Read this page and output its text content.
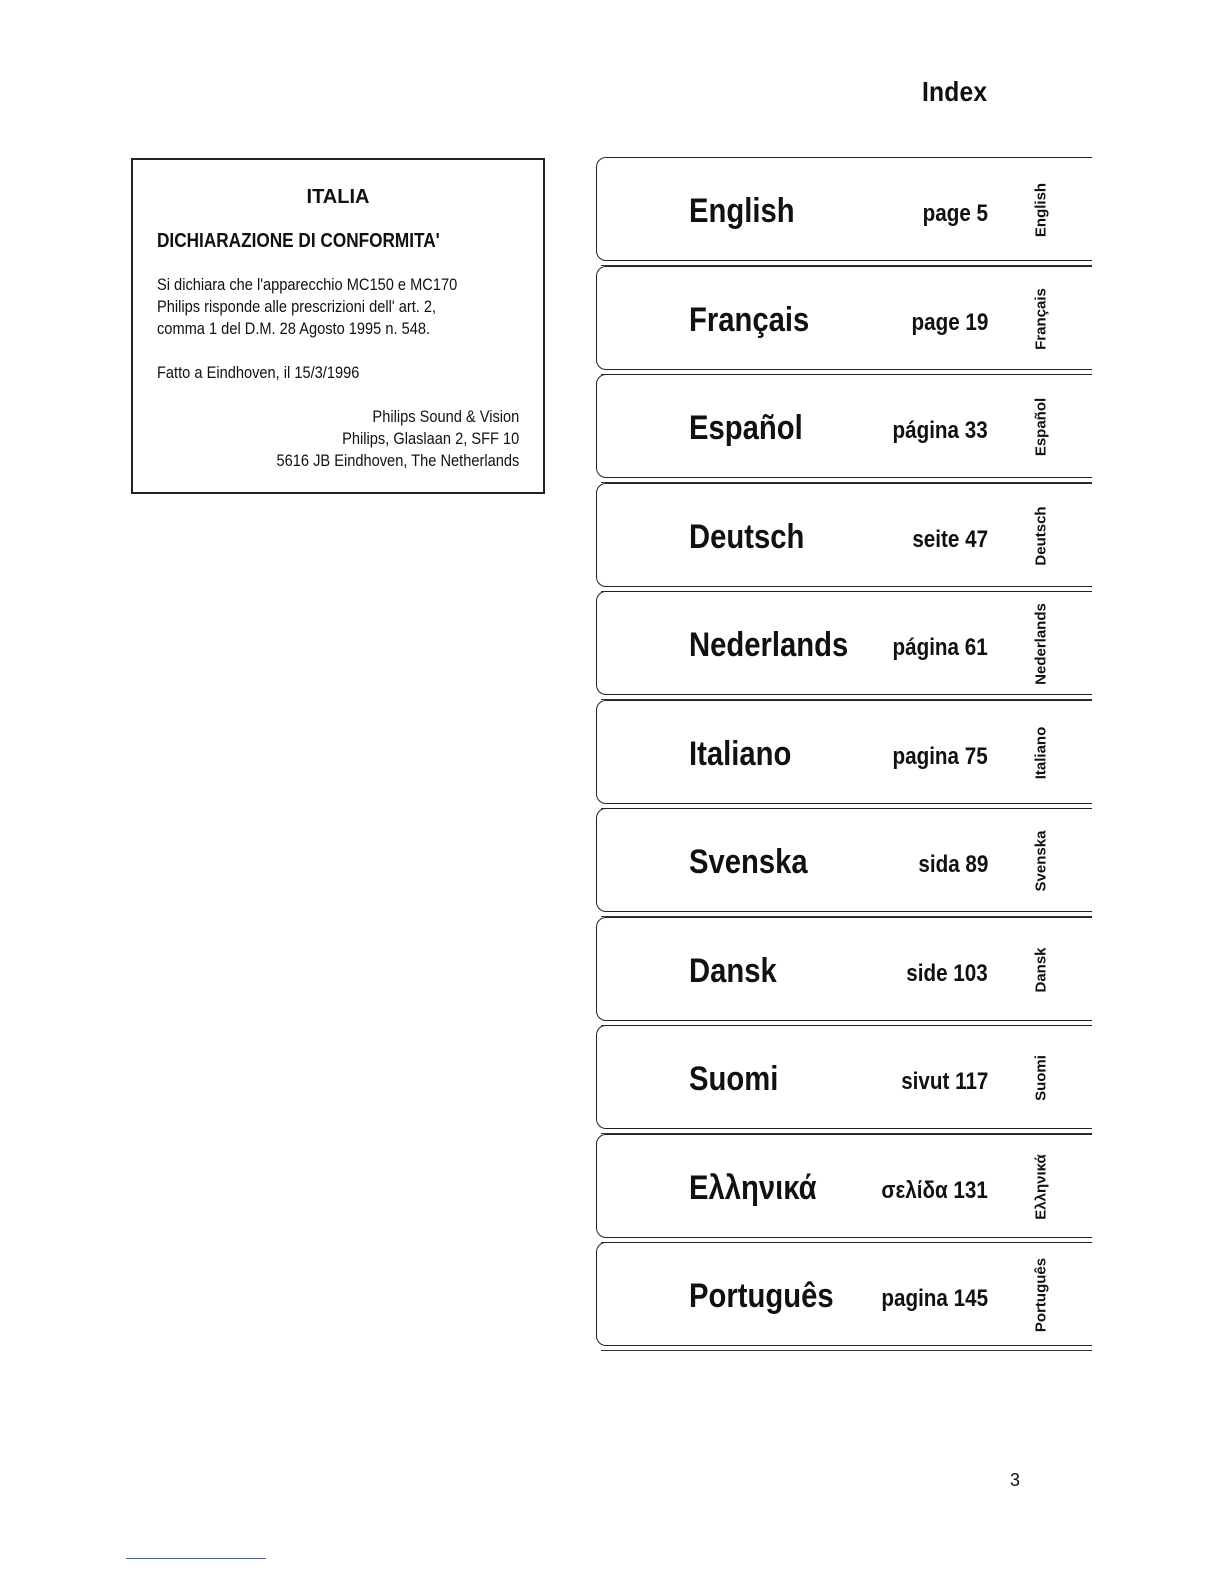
Index
ITALIA
DICHIARAZIONE DI CONFORMITA'
Si dichiara che l'apparecchio MC150 e MC170
Philips risponde alle prescrizioni dell' art. 2,
comma 1 del D.M. 28 Agosto 1995 n. 548.
Fatto a Eindhoven, il 15/3/1996
Philips Sound & Vision
Philips, Glaslaan 2, SFF 10
5616 JB Eindhoven, The Netherlands
English	page 5	English
Français	page 19	Français
Español	página 33	Español
Deutsch	seite 47	Deutsch
Nederlands página 61	Nederlands
Italiano	pagina 75	Italiano
Svenska	sida 89	Svenska
Dansk	side 103	Dansk
Suomi	sivut 117	Suomi
Ελληνικά	σελίδα 131	Ελληνικά
Português pagina 145	Português
3
